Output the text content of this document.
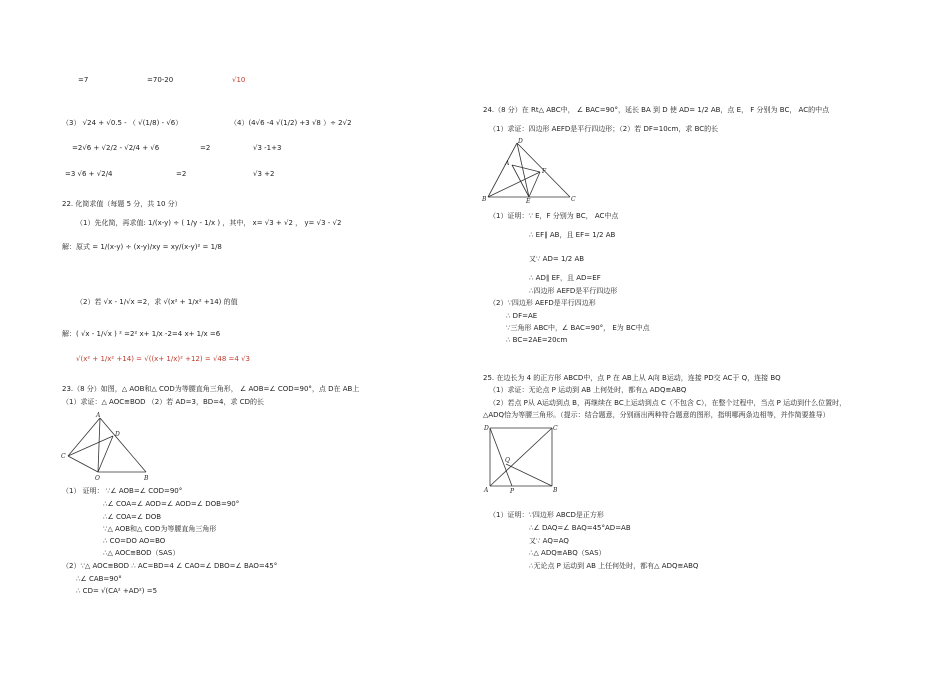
=7	=70-20	√10
（3） √24 + √0.5 - （ √(1/8) - √6）	（4）(4√6 -4 √(1/2) +3 √8 ）÷ 2√2
=2√6 + √2/2 - √2/4 + √6	=2	√3 -1+3
=3 √6 + √2/4	=2	√3 +2
22. 化简求值（每题 5 分，共 10 分）
（1）先化简，再求值: 1/(x-y) ÷ ( 1/y - 1/x ) ，其中， x= √3 + √2 ， y= √3 - √2
解：原式 = 1/(x-y) ÷ (x-y)/xy = xy/(x-y)² = 1/8
（2）若 √x - 1/√x =2，求 √(x² + 1/x² +14) 的值
解：( √x - 1/√x ) ² =2² x+ 1/x -2=4 x+ 1/x =6
√(x² + 1/x² +14) = √((x+ 1/x)² +12) = √48 =4 √3
23.（8 分）如图，△ AOB和△ COD为等腰直角三角形， ∠ AOB=∠ COD=90°，点 D在 AB上
（1）求证：△ AOC≌BOD （2）若 AD=3，BD=4，求 CD的长
A
C
D
O	B
（1） 证明： ∵∠ AOB=∠ COD=90°
∴∠ COA=∠ AOD=∠ AOD=∠ DOB=90°
∴∠ COA=∠ DOB
∵△ AOB和△ COD为等腰直角三角形
∴ CO=DO AO=BO
∴△ AOC≌BOD（SAS）
（2）∵△ AOC≌BOD ∴ AC=BD=4 ∠ CAO=∠ DBO=∠ BAO=45°
∴∠ CAB=90°
∴ CD= √(CA² +AD²) =5
24.（8 分）在 Rt△ ABC中， ∠ BAC=90°，延长 BA 到 D 使 AD= 1/2 AB，点 E， F 分别为 BC， AC的中点
（1）求证：四边形 AEFD是平行四边形；（2）若 DF=10cm，求 BC的长
D
A
F
B	E	C
（1）证明：∵ E，F 分别为 BC， AC中点
∴ EF∥ AB，且 EF= 1/2 AB
又∵ AD= 1/2 AB
∴ AD∥ EF，且 AD=EF
∴四边形 AEFD是平行四边形
（2）∵四边形 AEFD是平行四边形
∴ DF=AE
∵三角形 ABC中，∠ BAC=90°， E为 BC中点
∴ BC=2AE=20cm
25. 在边长为 4 的正方形 ABCD中，点 P 在 AB上从 A向 B运动，连接 PD交 AC于 Q，连接 BQ
（1）求证：无论点 P 运动到 AB 上何处时，都有△ ADQ≌ABQ
（2）若点 P从 A运动到点 B，再继续在 BC上运动到点 C（不包含 C），在整个过程中，当点 P 运动到什么位置时，
△ADQ恰为等腰三角形。（提示：结合题意，分别画出两种符合题意的图形，指明哪两条边相等，并作简要推导）
D	C
Q
A	P	B
（1）证明：∵四边形 ABCD是正方形
∴∠ DAQ=∠ BAQ=45°AD=AB
又∵ AQ=AQ
∴△ ADQ≌ABQ（SAS）
∴无论点 P 运动到 AB 上任何处时，都有△ ADQ≌ABQ
